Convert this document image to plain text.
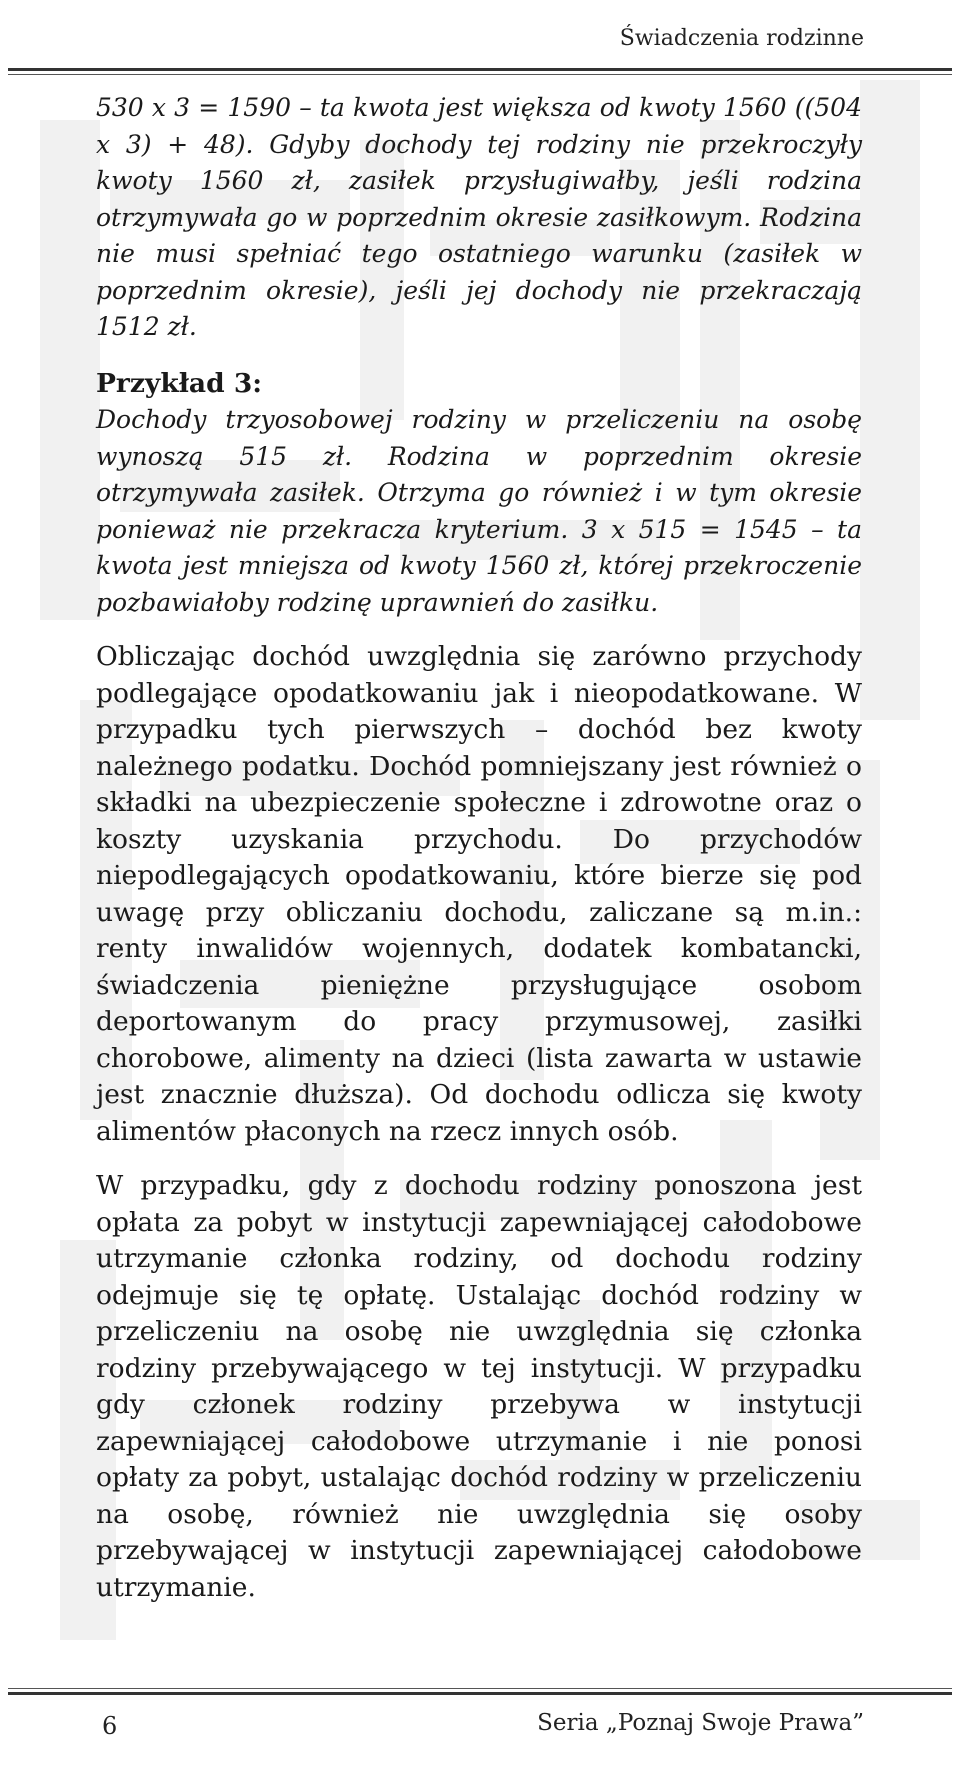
Świadczenia rodzinne

530 x 3 = 1590 – ta kwota jest większa od kwoty 1560 ((504 x 3) + 48). Gdyby dochody tej rodziny nie przekroczyły kwoty 1560 zł, zasiłek przysługiwałby, jeśli rodzina otrzymywała go w poprzednim okresie zasiłkowym. Rodzina nie musi spełniać tego ostatniego warunku (zasiłek w poprzednim okresie), jeśli jej dochody nie przekraczają 1512 zł.

Przykład 3:

Dochody trzyosobowej rodziny w przeliczeniu na osobę wynoszą 515 zł. Rodzina w poprzednim okresie otrzymywała zasiłek. Otrzyma go również i w tym okresie ponieważ nie przekracza kryterium. 3 x 515 = 1545 – ta kwota jest mniejsza od kwoty 1560 zł, której przekroczenie pozbawiałoby rodzinę uprawnień do zasiłku.

Obliczając dochód uwzględnia się zarówno przychody podlegające opodatkowaniu jak i nieopodatkowane. W przypadku tych pierwszych – dochód bez kwoty należnego podatku. Dochód pomniejszany jest również o składki na ubezpieczenie społeczne i zdrowotne oraz o koszty uzyskania przychodu. Do przychodów niepodlegających opodatkowaniu, które bierze się pod uwagę przy obliczaniu dochodu, zaliczane są m.in.: renty inwalidów wojennych, dodatek kombatancki, świadczenia pieniężne przysługujące osobom deportowanym do pracy przymusowej, zasiłki chorobowe, alimenty na dzieci (lista zawarta w ustawie jest znacznie dłuższa). Od dochodu odlicza się kwoty alimentów płaconych na rzecz innych osób.

W przypadku, gdy z dochodu rodziny ponoszona jest opłata za pobyt w instytucji zapewniającej całodobowe utrzymanie członka rodziny, od dochodu rodziny odejmuje się tę opłatę. Ustalając dochód rodziny w przeliczeniu na osobę nie uwzględnia się członka rodziny przebywającego w tej instytucji. W przypadku gdy członek rodziny przebywa w instytucji zapewniającej całodobowe utrzymanie i nie ponosi opłaty za pobyt, ustalając dochód rodziny w przeliczeniu na osobę, również nie uwzględnia się osoby przebywającej w instytucji zapewniającej całodobowe utrzymanie.

6	Seria „Poznaj Swoje Prawa”
